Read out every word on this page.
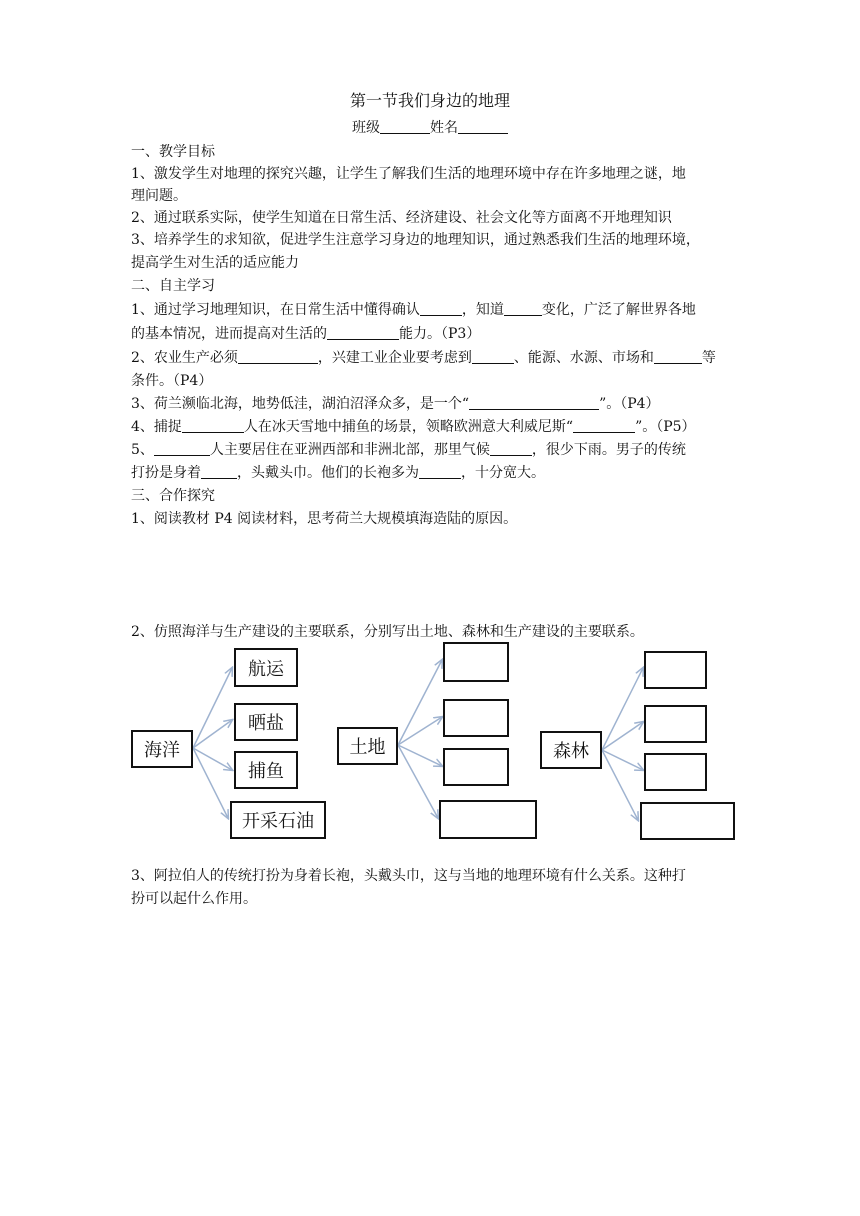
第一节我们身边的地理
班级	姓名
一、教学目标
1、激发学生对地理的探究兴趣，让学生了解我们生活的地理环境中存在许多地理之谜，地
理问题。
2、通过联系实际，使学生知道在日常生活、经济建设、社会文化等方面离不开地理知识
3、培养学生的求知欲，促进学生注意学习身边的地理知识，通过熟悉我们生活的地理环境，
提高学生对生活的适应能力
二、自主学习
1、通过学习地理知识，在日常生活中懂得确认	，知道	变化，广泛了解世界各地
的基本情况，进而提高对生活的	能力。（P3）
2、农业生产必须	，兴建工业企业要考虑到	、能源、水源、市场和	等
条件。（P4）
3、荷兰濒临北海，地势低洼，湖泊沼泽众多，是一个“	”。（P4）
4、捕捉	人在冰天雪地中捕鱼的场景，领略欧洲意大利威尼斯“	”。（P5）
5、	人主要居住在亚洲西部和非洲北部，那里气候	，很少下雨。男子的传统
打扮是身着	，头戴头巾。他们的长袍多为	，十分宽大。
三、合作探究
1、阅读教材 P4 阅读材料，思考荷兰大规模填海造陆的原因。
2、仿照海洋与生产建设的主要联系，分别写出土地、森林和生产建设的主要联系。
海洋
航运
晒盐
捕鱼
开采石油
土地	森林
3、阿拉伯人的传统打扮为身着长袍，头戴头巾，这与当地的地理环境有什么关系。这种打
扮可以起什么作用。
